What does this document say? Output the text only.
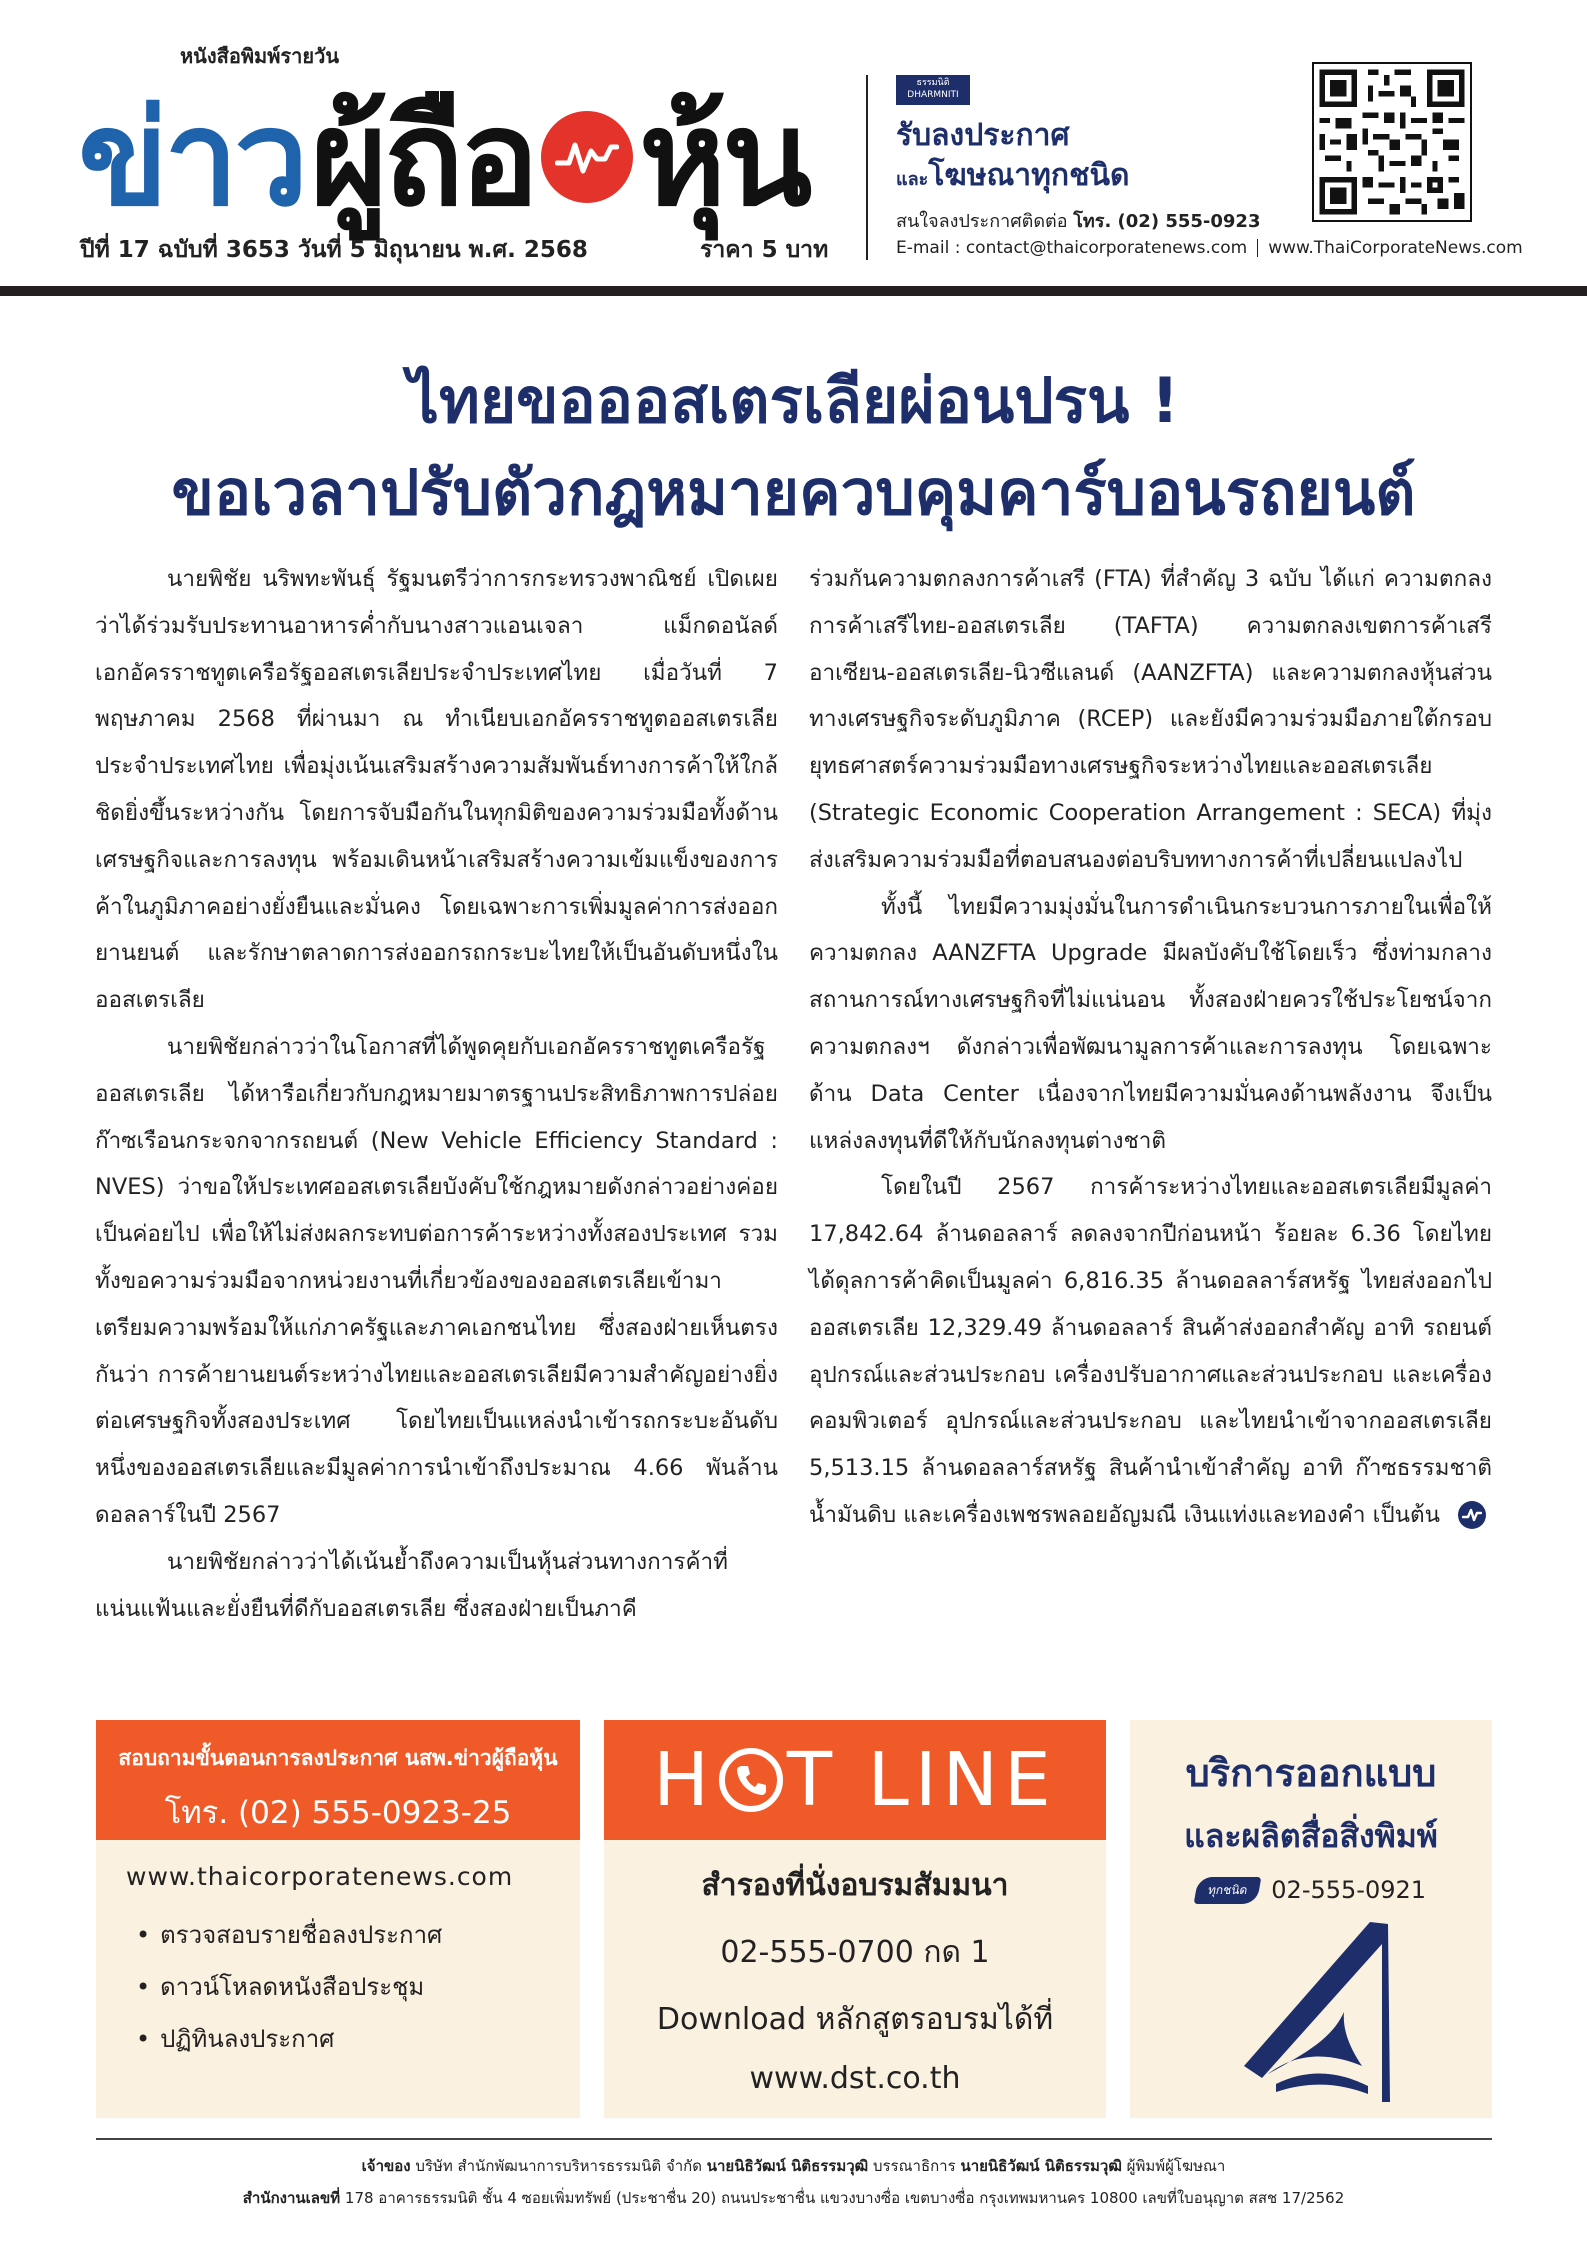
หนังสือพิมพ์รายวัน
ข่าว ผู้ถือ หุ้น
ปีที่ 17 ฉบับที่ 3653 วันที่ 5 มิถุนายน พ.ศ. 2568	ราคา 5 บาท
ธรรมนิติ
DHARMNITI
รับลงประกาศ
และโฆษณาทุกชนิด
สนใจลงประกาศติดต่อ โทร. (02) 555-0923
E-mail : contact@thaicorporatenews.com www.ThaiCorporateNews.com
ไทยขอออสเตรเลียผ่อนปรน !
ขอเวลาปรับตัวกฎหมายควบคุมคาร์บอนรถยนต์

นายพิชัย นริพทะพันธุ์ รัฐมนตรีว่าการกระทรวงพาณิชย์ เปิดเผยว่าได้ร่วมรับประทานอาหารค่ำกับนางสาวแอนเจลา แม็กดอนัลด์ เอกอัครราชทูตเครือรัฐออสเตรเลียประจำประเทศไทย เมื่อวันที่ 7 พฤษภาคม 2568 ที่ผ่านมา ณ ทำเนียบเอกอัครราชทูตออสเตรเลียประจำประเทศไทย เพื่อมุ่งเน้นเสริมสร้างความสัมพันธ์ทางการค้าให้ใกล้ชิดยิ่งขึ้นระหว่างกัน โดยการจับมือกันในทุกมิติของความร่วมมือทั้งด้านเศรษฐกิจและการลงทุน พร้อมเดินหน้าเสริมสร้างความเข้มแข็งของการค้าในภูมิภาคอย่างยั่งยืนและมั่นคง โดยเฉพาะการเพิ่มมูลค่าการส่งออกยานยนต์ และรักษาตลาดการส่งออกรถกระบะไทยให้เป็นอันดับหนึ่งในออสเตรเลีย

นายพิชัยกล่าวว่าในโอกาสที่ได้พูดคุยกับเอกอัครราชทูตเครือรัฐออสเตรเลีย ได้หารือเกี่ยวกับกฎหมายมาตรฐานประสิทธิภาพการปล่อยก๊าซเรือนกระจกจากรถยนต์ (New Vehicle Efficiency Standard : NVES) ว่าขอให้ประเทศออสเตรเลียบังคับใช้กฎหมายดังกล่าวอย่างค่อยเป็นค่อยไป เพื่อให้ไม่ส่งผลกระทบต่อการค้าระหว่างทั้งสองประเทศ รวมทั้งขอความร่วมมือจากหน่วยงานที่เกี่ยวข้องของออสเตรเลียเข้ามาเตรียมความพร้อมให้แก่ภาครัฐและภาคเอกชนไทย ซึ่งสองฝ่ายเห็นตรงกันว่า การค้ายานยนต์ระหว่างไทยและออสเตรเลียมีความสำคัญอย่างยิ่งต่อเศรษฐกิจทั้งสองประเทศ โดยไทยเป็นแหล่งนำเข้ารถกระบะอันดับหนึ่งของออสเตรเลียและมีมูลค่าการนำเข้าถึงประมาณ 4.66 พันล้านดอลลาร์ในปี 2567

นายพิชัยกล่าวว่าได้เน้นย้ำถึงความเป็นหุ้นส่วนทางการค้าที่แน่นแฟ้นและยั่งยืนที่ดีกับออสเตรเลีย ซึ่งสองฝ่ายเป็นภาคี

ร่วมกันความตกลงการค้าเสรี (FTA) ที่สำคัญ 3 ฉบับ ได้แก่ ความตกลงการค้าเสรีไทย-ออสเตรเลีย (TAFTA) ความตกลงเขตการค้าเสรีอาเซียน-ออสเตรเลีย-นิวซีแลนด์ (AANZFTA) และความตกลงหุ้นส่วนทางเศรษฐกิจระดับภูมิภาค (RCEP) และยังมีความร่วมมือภายใต้กรอบยุทธศาสตร์ความร่วมมือทางเศรษฐกิจระหว่างไทยและออสเตรเลีย (Strategic Economic Cooperation Arrangement : SECA) ที่มุ่งส่งเสริมความร่วมมือที่ตอบสนองต่อบริบททางการค้าที่เปลี่ยนแปลงไป

ทั้งนี้ ไทยมีความมุ่งมั่นในการดำเนินกระบวนการภายในเพื่อให้ความตกลง AANZFTA Upgrade มีผลบังคับใช้โดยเร็ว ซึ่งท่ามกลางสถานการณ์ทางเศรษฐกิจที่ไม่แน่นอน ทั้งสองฝ่ายควรใช้ประโยชน์จากความตกลงฯ ดังกล่าวเพื่อพัฒนามูลการค้าและการลงทุน โดยเฉพาะด้าน Data Center เนื่องจากไทยมีความมั่นคงด้านพลังงาน จึงเป็นแหล่งลงทุนที่ดีให้กับนักลงทุนต่างชาติ

โดยในปี 2567 การค้าระหว่างไทยและออสเตรเลียมีมูลค่า 17,842.64 ล้านดอลลาร์ ลดลงจากปีก่อนหน้า ร้อยละ 6.36 โดยไทยได้ดุลการค้าคิดเป็นมูลค่า 6,816.35 ล้านดอลลาร์สหรัฐ ไทยส่งออกไปออสเตรเลีย 12,329.49 ล้านดอลลาร์ สินค้าส่งออกสำคัญ อาทิ รถยนต์ อุปกรณ์และส่วนประกอบ เครื่องปรับอากาศและส่วนประกอบ และเครื่องคอมพิวเตอร์ อุปกรณ์และส่วนประกอบ และไทยนำเข้าจากออสเตรเลีย 5,513.15 ล้านดอลลาร์สหรัฐ สินค้านำเข้าสำคัญ อาทิ ก๊าซธรรมชาติ น้ำมันดิบ และเครื่องเพชรพลอยอัญมณี เงินแท่งและทองคำ เป็นต้น

สอบถามขั้นตอนการลงประกาศ นสพ.ข่าวผู้ถือหุ้น
โทร. (02) 555-0923-25
www.thaicorporatenews.com
• ตรวจสอบรายชื่อลงประกาศ
• ดาวน์โหลดหนังสือประชุม
• ปฏิทินลงประกาศ
H T LINE
สำรองที่นั่งอบรมสัมมนา
02-555-0700 กด 1
Download หลักสูตรอบรมได้ที่
www.dst.co.th
บริการออกแบบ
และผลิตสื่อสิ่งพิมพ์
ทุกชนิด 02-555-0921
เจ้าของ บริษัท สำนักพัฒนาการบริหารธรรมนิติ จำกัด นายนิธิวัฒน์ นิติธรรมวุฒิ บรรณาธิการ นายนิธิวัฒน์ นิติธรรมวุฒิ ผู้พิมพ์ผู้โฆษณา
สำนักงานเลขที่ 178 อาคารธรรมนิติ ชั้น 4 ซอยเพิ่มทรัพย์ (ประชาชื่น 20) ถนนประชาชื่น แขวงบางซื่อ เขตบางซื่อ กรุงเทพมหานคร 10800 เลขที่ใบอนุญาต สสช 17/2562
